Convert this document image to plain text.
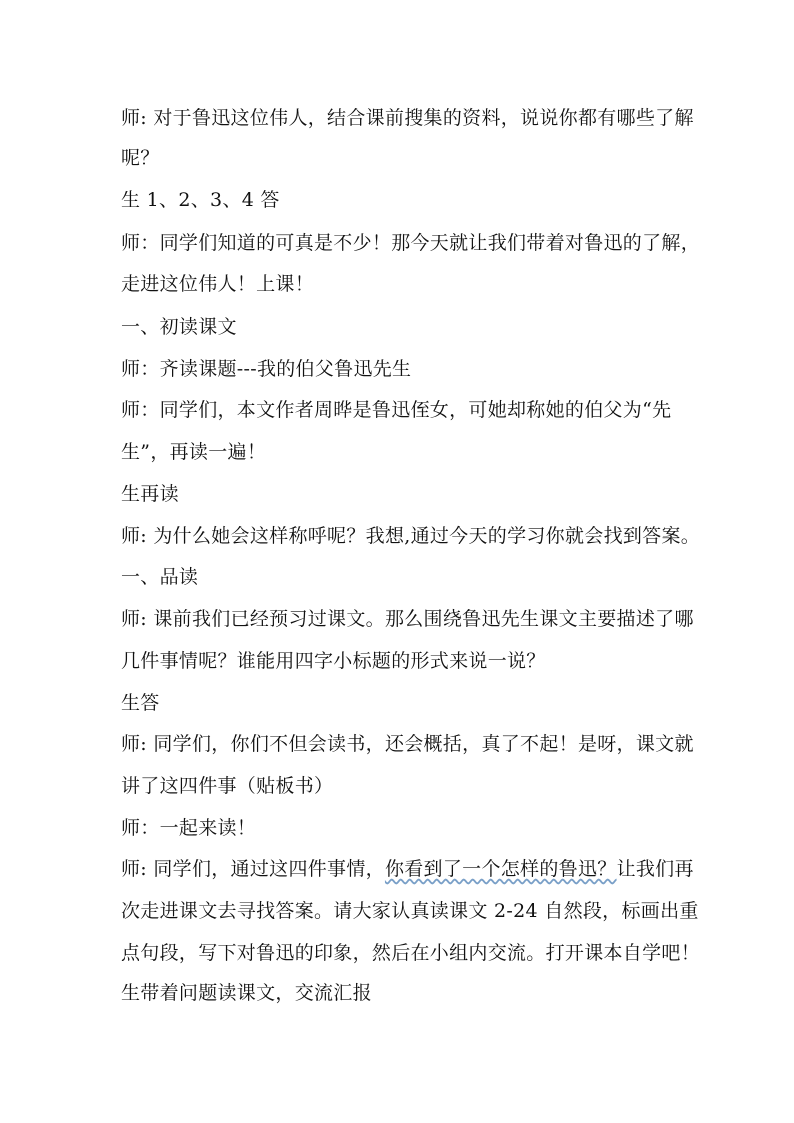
师: 对于鲁迅这位伟人，结合课前搜集的资料，说说你都有哪些了解
呢？
生 1、2、3、4 答
师：同学们知道的可真是不少！那今天就让我们带着对鲁迅的了解，
走进这位伟人！上课！
一、初读课文
师：齐读课题---我的伯父鲁迅先生
师：同学们，本文作者周晔是鲁迅侄女，可她却称她的伯父为“先
生”，再读一遍！
生再读
师: 为什么她会这样称呼呢？我想,通过今天的学习你就会找到答案。
一、品读
师: 课前我们已经预习过课文。那么围绕鲁迅先生课文主要描述了哪
几件事情呢？谁能用四字小标题的形式来说一说？
生答
师: 同学们，你们不但会读书，还会概括，真了不起！是呀，课文就
讲了这四件事（贴板书）
师：一起来读！
师: 同学们，通过这四件事情，你看到了一个怎样的鲁迅？让我们再
次走进课文去寻找答案。请大家认真读课文 2-24 自然段，标画出重
点句段，写下对鲁迅的印象，然后在小组内交流。打开课本自学吧！
生带着问题读课文，交流汇报
